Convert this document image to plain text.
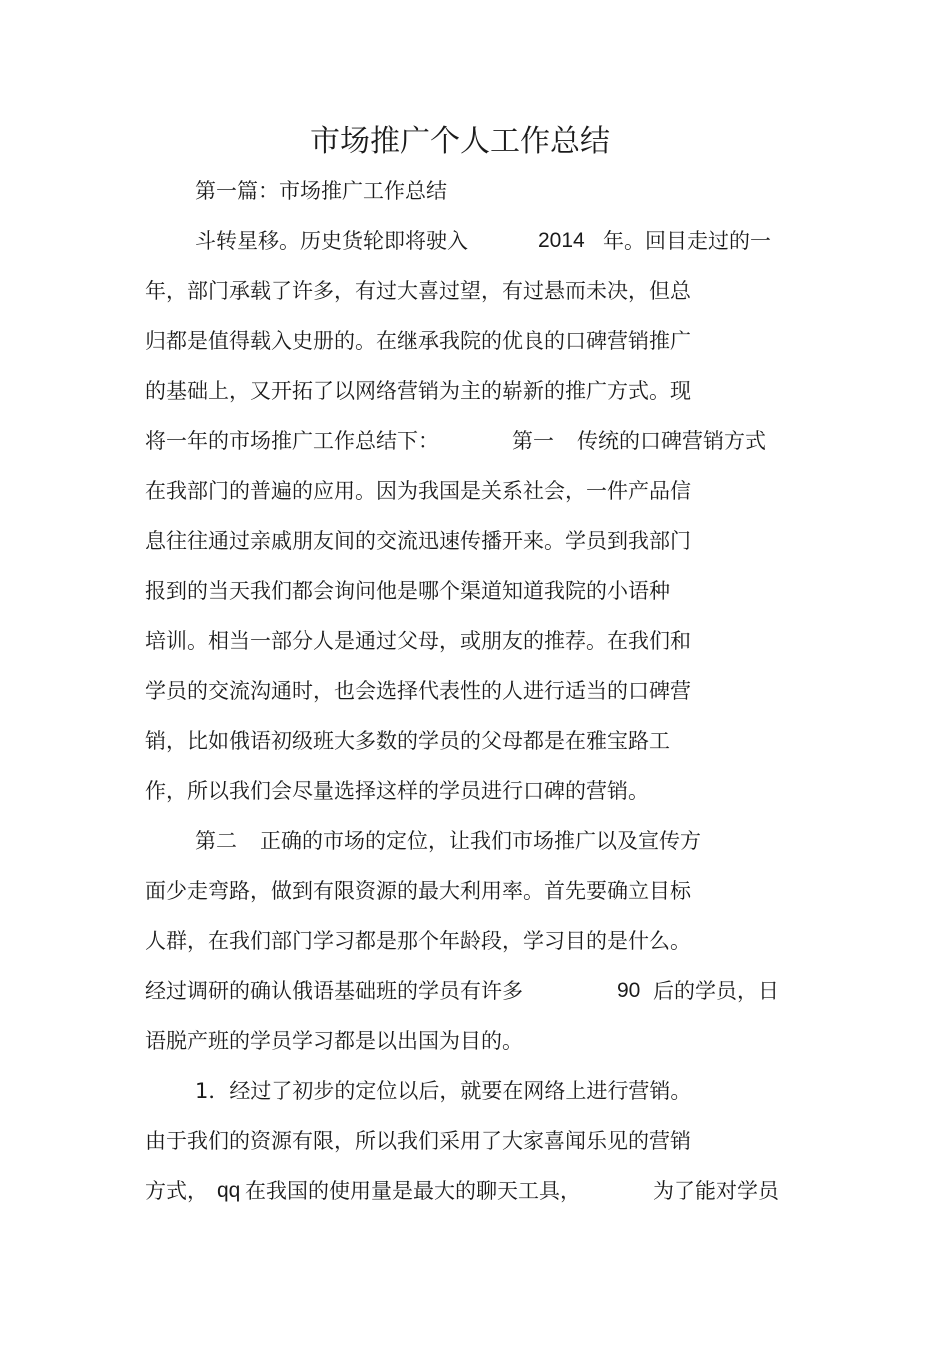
市场推广个人工作总结
第一篇：市场推广工作总结
斗转星移。历史货轮即将驶入	2014 年。回目走过的一
年，部门承载了许多，有过大喜过望，有过悬而未决，但总
归都是值得载入史册的。在继承我院的优良的口碑营销推广
的基础上，又开拓了以网络营销为主的崭新的推广方式。现
将一年的市场推广工作总结下：	第一 传统的口碑营销方式
在我部门的普遍的应用。因为我国是关系社会，一件产品信
息往往通过亲戚朋友间的交流迅速传播开来。学员到我部门
报到的当天我们都会询问他是哪个渠道知道我院的小语种
培训。相当一部分人是通过父母，或朋友的推荐。在我们和
学员的交流沟通时，也会选择代表性的人进行适当的口碑营
销，比如俄语初级班大多数的学员的父母都是在雅宝路工
作，所以我们会尽量选择这样的学员进行口碑的营销。
第二 正确的市场的定位，让我们市场推广以及宣传方
面少走弯路，做到有限资源的最大利用率。首先要确立目标
人群，在我们部门学习都是那个年龄段，学习目的是什么。
经过调研的确认俄语基础班的学员有许多	90 后的学员，日
语脱产班的学员学习都是以出国为目的。
1．经过了初步的定位以后，就要在网络上进行营销。
由于我们的资源有限，所以我们采用了大家喜闻乐见的营销
方式， qq 在我国的使用量是最大的聊天工具，	为了能对学员
